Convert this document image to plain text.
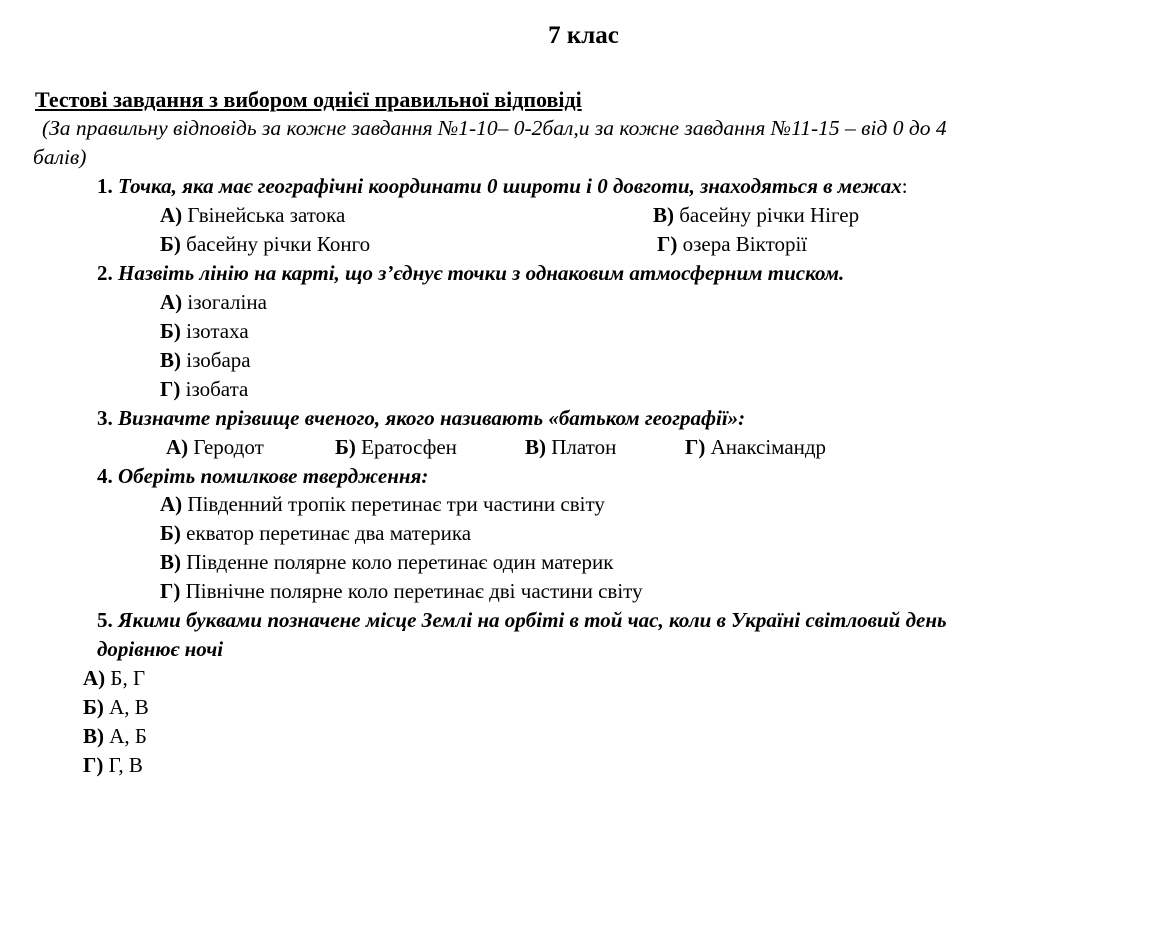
7 клас
Тестові завдання з вибором однієї правильної відповіді
(За правильну відповідь за кожне завдання №1-10– 0-2бал,и за кожне завдання №11-15 – від 0 до 4
балів)
1. Точка, яка має географічні координати 0 широти і 0 довготи, знаходяться в межах:
А) Гвінейська затока	В) басейну річки Нігер
Б) басейну річки Конго	Г) озера Вікторії
2. Назвіть лінію на карті, що з’єднує точки з однаковим атмосферним тиском.
А) ізогаліна
Б) ізотаха
В) ізобара
Г) ізобата
3. Визначте прізвище вченого, якого називають «батьком географії»:
А) Геродот	Б) Ератосфен	В) Платон	Г) Анаксімандр
4. Оберіть помилкове твердження:
А) Південний тропік перетинає три частини світу
Б) екватор перетинає два материка
В) Південне полярне коло перетинає один материк
Г) Північне полярне коло перетинає дві частини світу
5. Якими буквами позначене місце Землі на орбіті в той час, коли в Україні світловий день
дорівнює ночі
А) Б, Г
Б) А, В
В) А, Б
Г) Г, В
